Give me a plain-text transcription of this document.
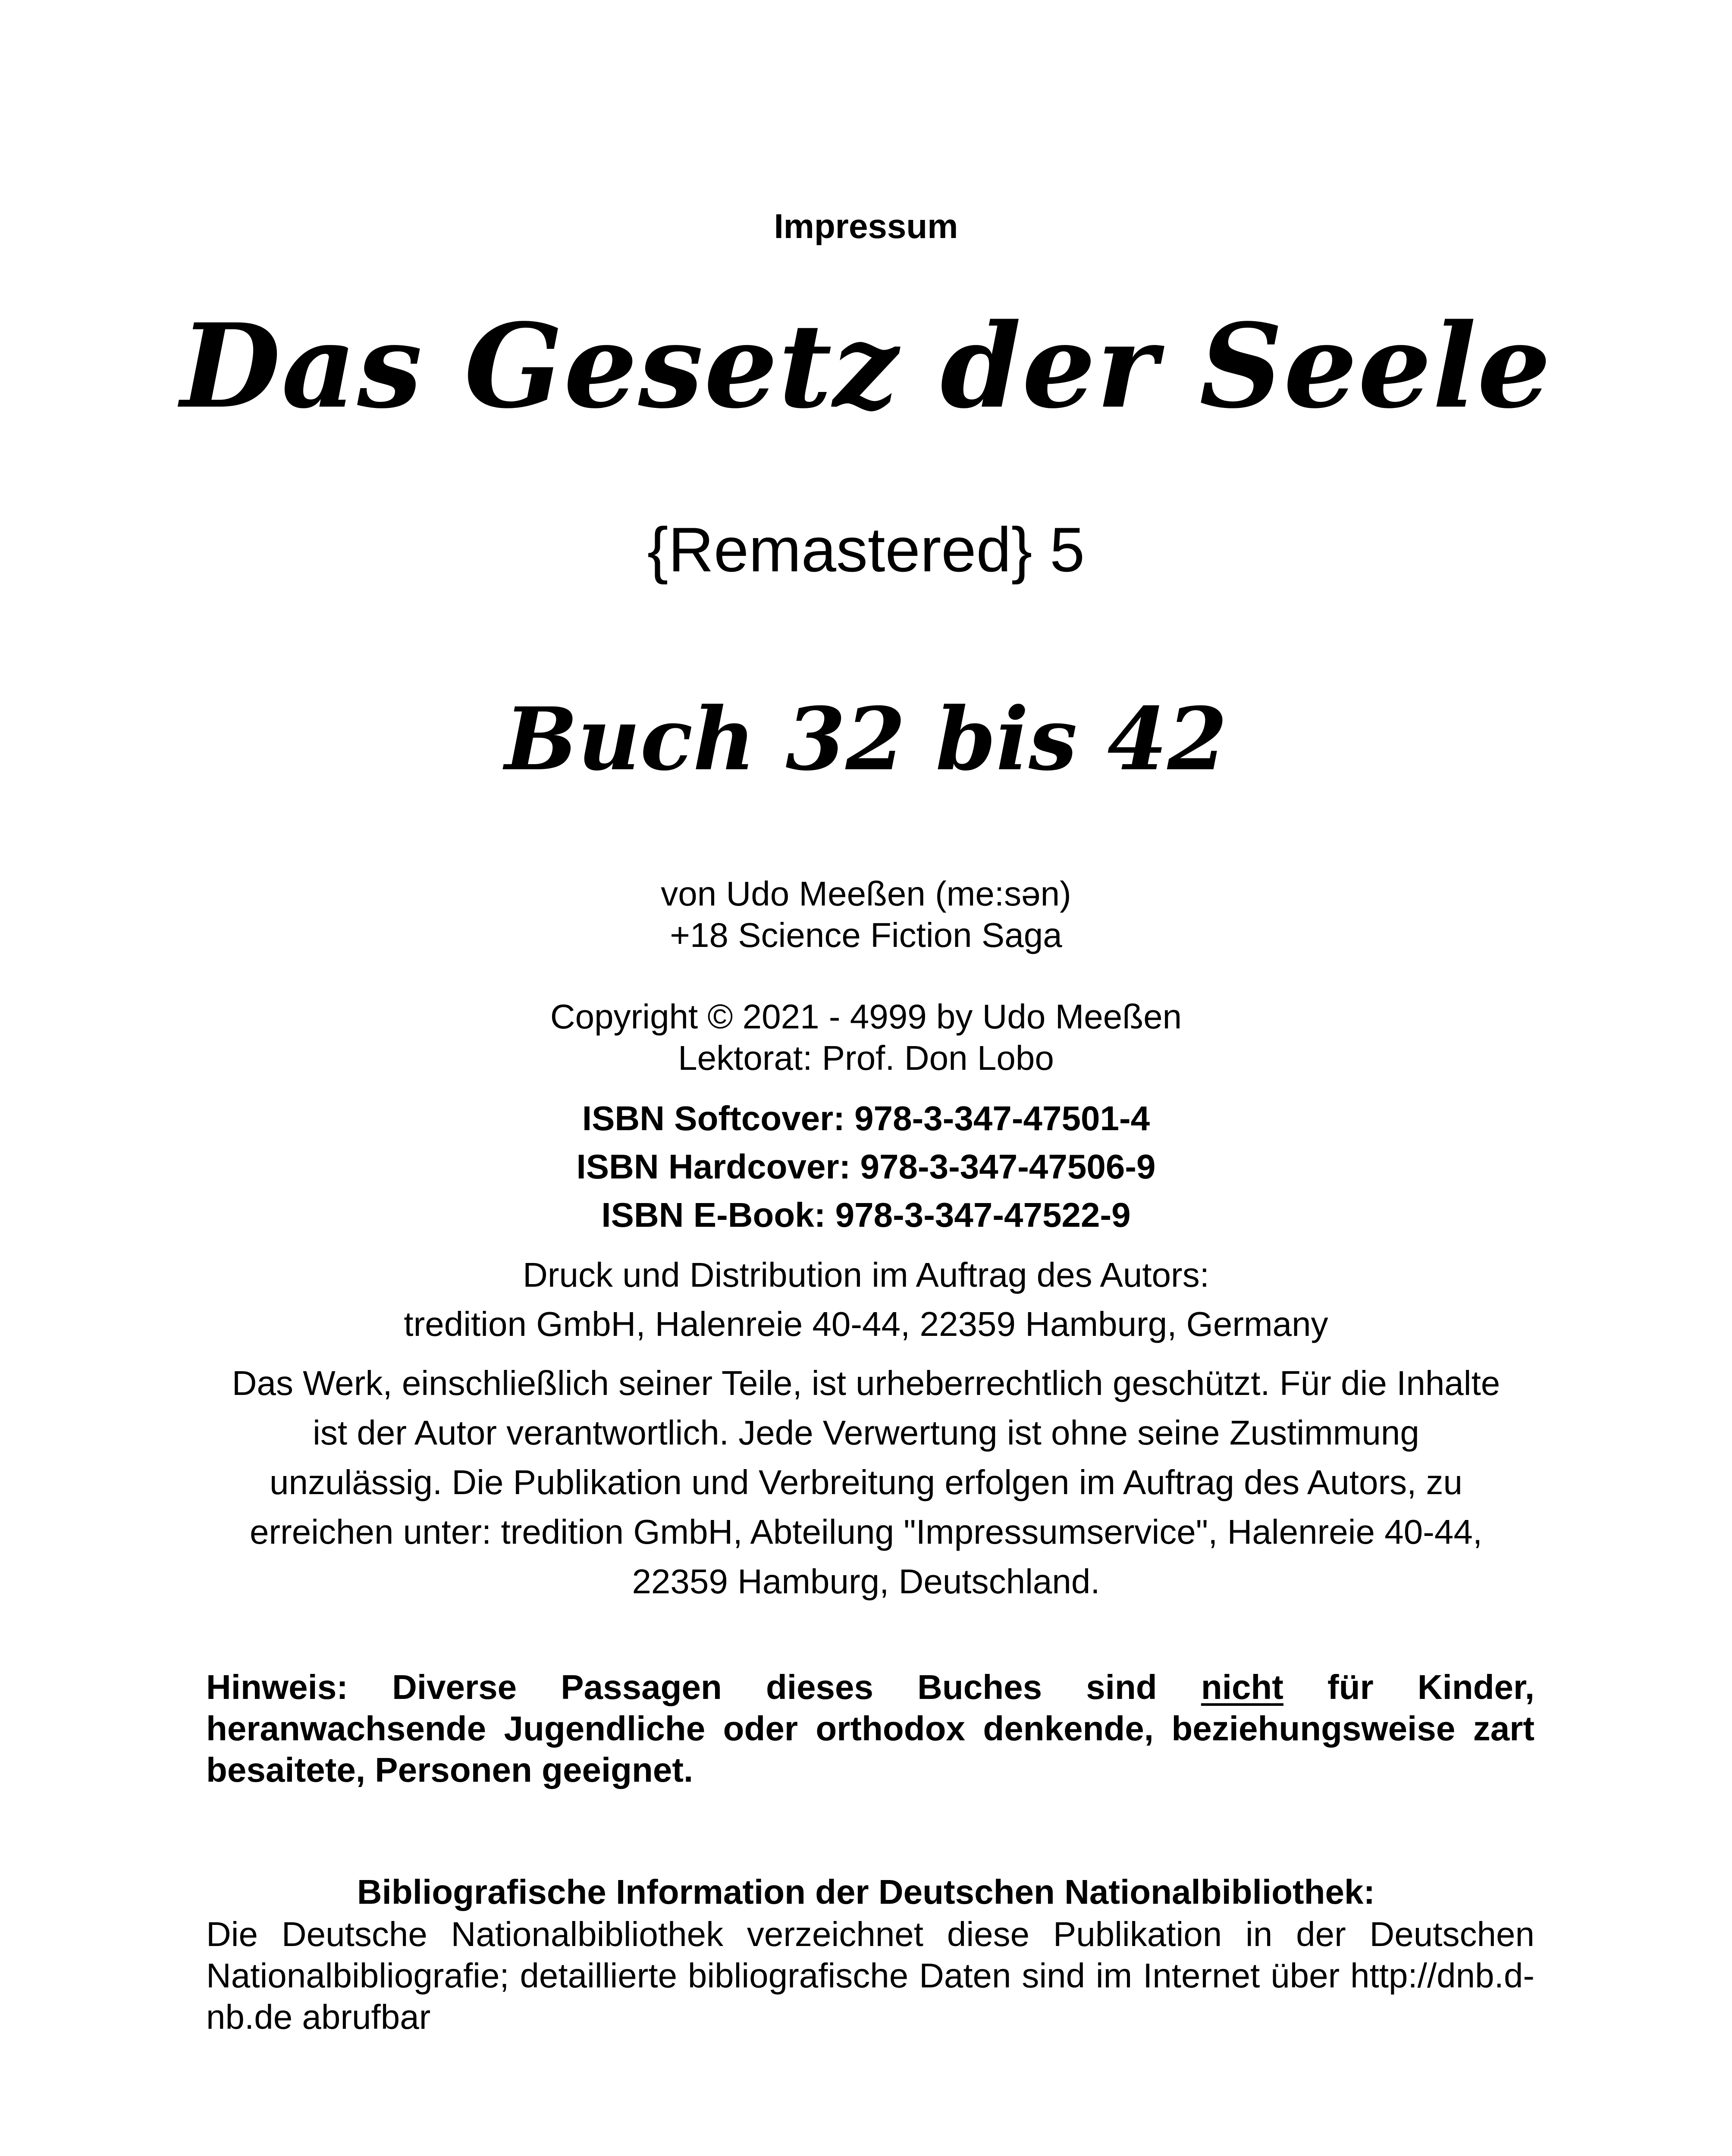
Impressum

Das Gesetz der Seele

{Remastered} 5

Buch 32 bis 42

von Udo Meeßen (me:sən)
+18 Science Fiction Saga

Copyright © 2021 - 4999 by Udo Meeßen
Lektorat: Prof. Don Lobo

ISBN Softcover: 978-3-347-47501-4
ISBN Hardcover: 978-3-347-47506-9
ISBN E-Book: 978-3-347-47522-9

Druck und Distribution im Auftrag des Autors:
tredition GmbH, Halenreie 40-44, 22359 Hamburg, Germany

Das Werk, einschließlich seiner Teile, ist urheberrechtlich geschützt. Für die Inhalte
ist der Autor verantwortlich. Jede Verwertung ist ohne seine Zustimmung
unzulässig. Die Publikation und Verbreitung erfolgen im Auftrag des Autors, zu
erreichen unter: tredition GmbH, Abteilung "Impressumservice", Halenreie 40-44,
22359 Hamburg, Deutschland.

Hinweis: Diverse Passagen dieses Buches sind nicht für Kinder, heranwachsende Jugendliche oder orthodox denkende, beziehungsweise zart besaitete, Personen geeignet.

Bibliografische Information der Deutschen Nationalbibliothek:

Die Deutsche Nationalbibliothek verzeichnet diese Publikation in der Deutschen Nationalbibliografie; detaillierte bibliografische Daten sind im Internet über http://dnb.d-nb.de abrufbar
